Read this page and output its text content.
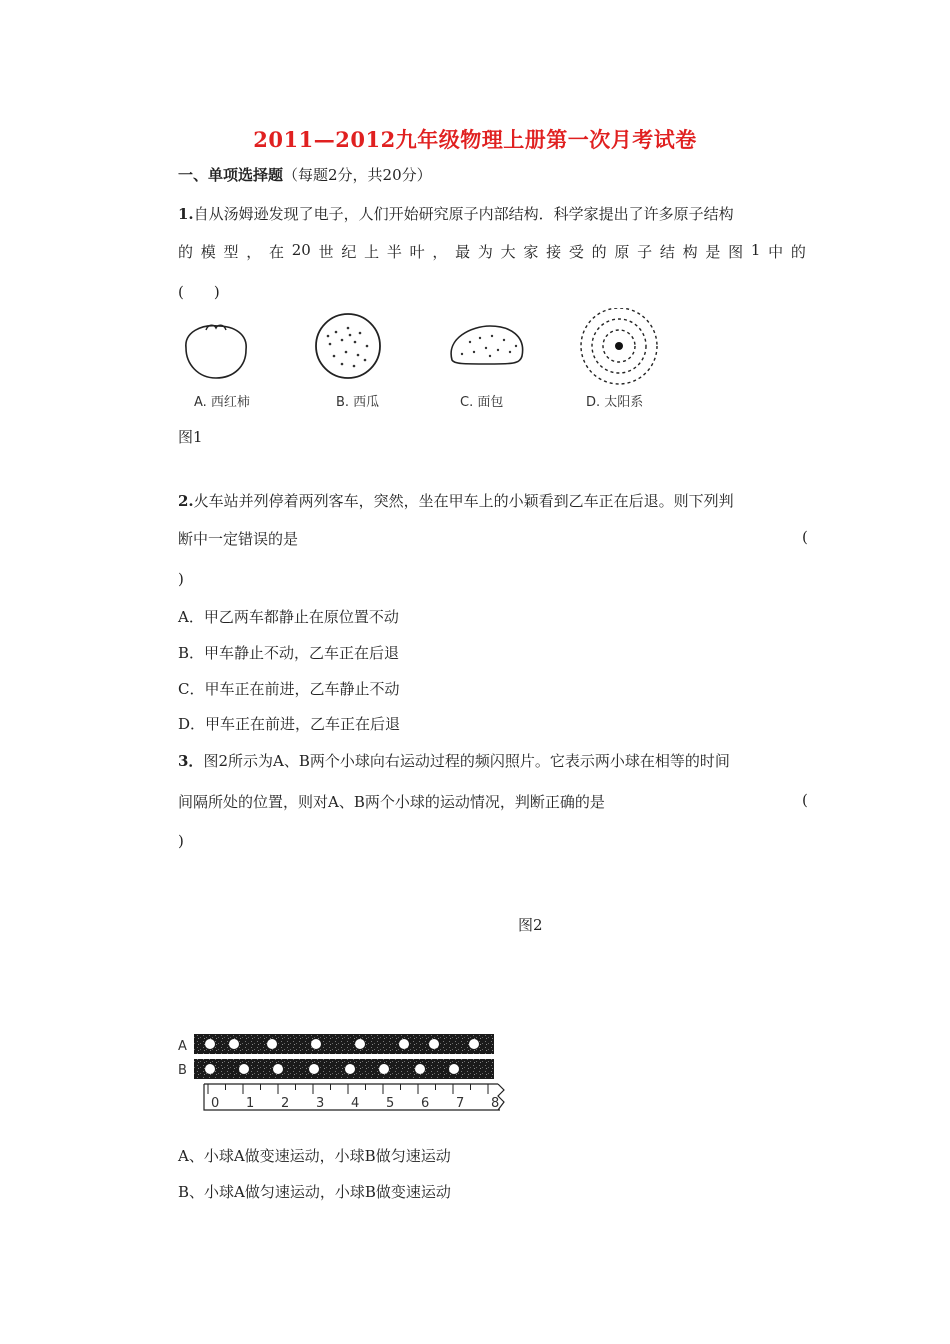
2011—2012九年级物理上册第一次月考试卷
一、单项选择题（每题2分，共20分）
1.自从汤姆逊发现了电子，人们开始研究原子内部结构．科学家提出了许多原子结构
的 模 型 ， 在 20 世 纪 上 半 叶 ， 最 为 大 家 接 受 的 原 子 结 构 是 图 1 中 的
(　　)
A. 西红柿	B. 西瓜	C. 面包	D. 太阳系
图1
2.火车站并列停着两列客车，突然，坐在甲车上的小颖看到乙车正在后退。则下列判
断中一定错误的是	(
)
A．甲乙两车都静止在原位置不动
B．甲车静止不动，乙车正在后退
C．甲车正在前进，乙车静止不动
D．甲车正在前进，乙车正在后退
3．图2所示为A、B两个小球向右运动过程的频闪照片。它表示两小球在相等的时间
间隔所处的位置，则对A、B两个小球的运动情况，判断正确的是	(
)
图2
A
B
0 1 2 3 4 5 6 7 8
A、小球A做变速运动，小球B做匀速运动
B、小球A做匀速运动，小球B做变速运动
